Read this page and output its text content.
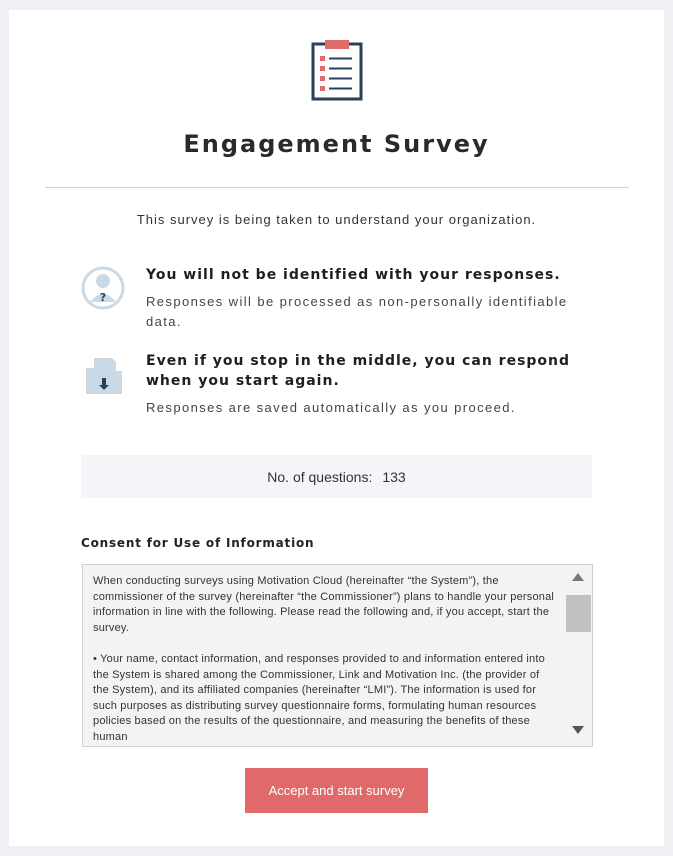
Engagement Survey
This survey is being taken to understand your organization.
?
You will not be identified with your responses.
Responses will be processed as non-personally identifiable data.
Even if you stop in the middle, you can respond when you start again.
Responses are saved automatically as you proceed.
No. of questions: 133
Consent for Use of Information

When conducting surveys using Motivation Cloud (hereinafter “the System”), the commissioner of the survey (hereinafter “the Commissioner”) plans to handle your personal information in line with the following. Please read the following and, if you accept, start the survey.

• Your name, contact information, and responses provided to and information entered into the System is shared among the Commissioner, Link and Motivation Inc. (the provider of the System), and its affiliated companies (hereinafter “LMI”). The information is used for such purposes as distributing survey questionnaire forms, formulating human resources policies based on the results of the questionnaire, and measuring the benefits of these human

Accept and start survey
